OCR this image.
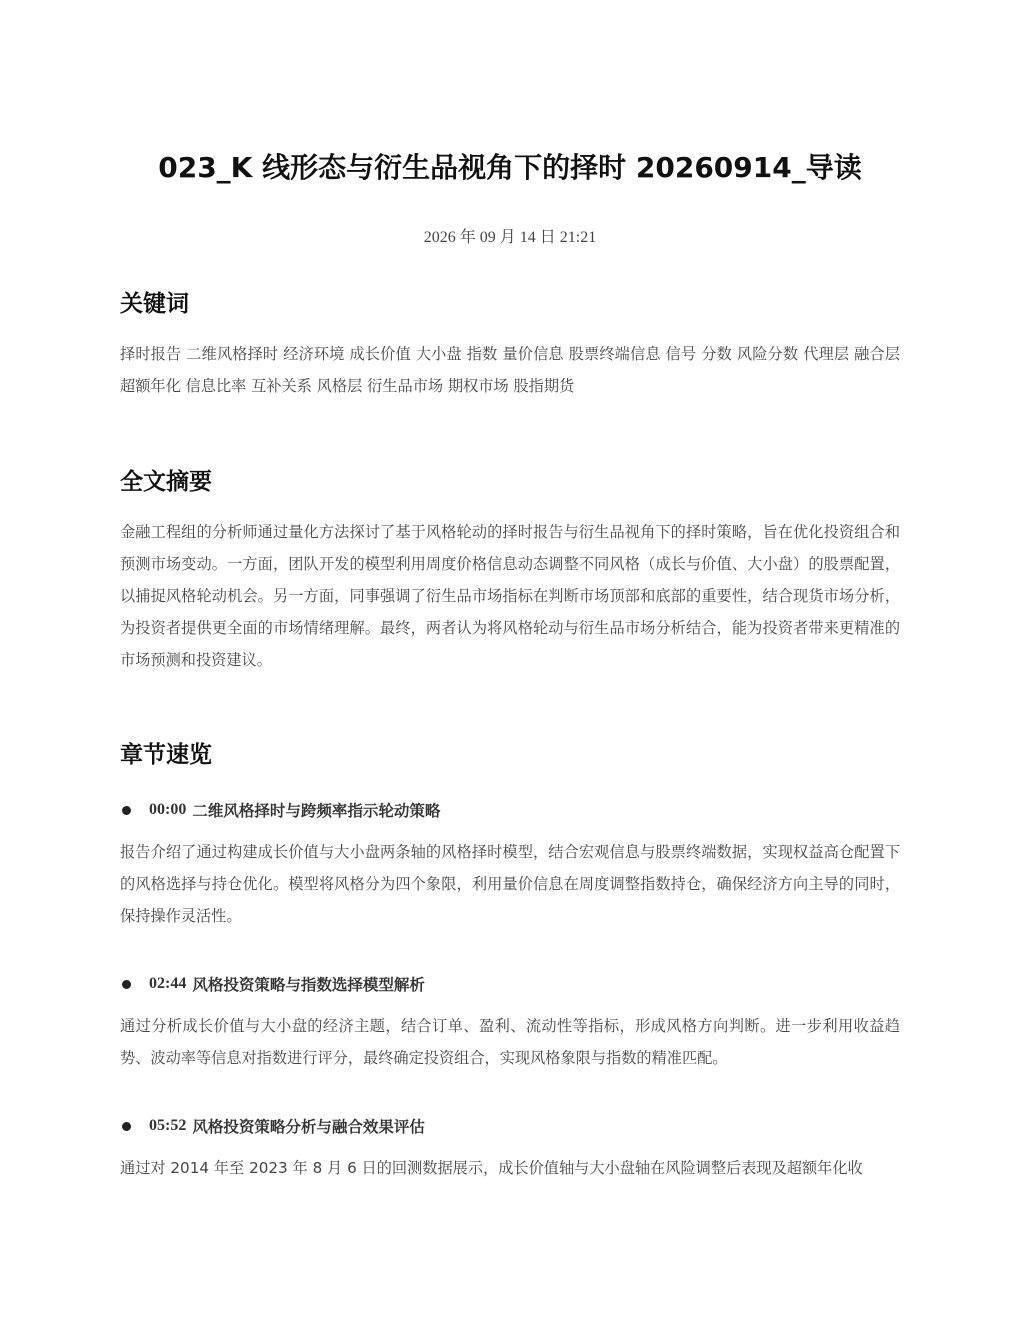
023_K 线形态与衍生品视角下的择时 20260914_导读
2026 年 09 月 14 日 21:21
关键词

择时报告 二维风格择时 经济环境 成长价值 大小盘 指数 量价信息 股票终端信息 信号 分数 风险分数 代理层 融合层 超额年化 信息比率 互补关系 风格层 衍生品市场 期权市场 股指期货

全文摘要

金融工程组的分析师通过量化方法探讨了基于风格轮动的择时报告与衍生品视角下的择时策略，旨在优化投资组合和预测市场变动。一方面，团队开发的模型利用周度价格信息动态调整不同风格（成长与价值、大小盘）的股票配置，以捕捉风格轮动机会。另一方面，同事强调了衍生品市场指标在判断市场顶部和底部的重要性，结合现货市场分析，为投资者提供更全面的市场情绪理解。最终，两者认为将风格轮动与衍生品市场分析结合，能为投资者带来更精准的市场预测和投资建议。

章节速览
00:00 二维风格择时与跨频率指示轮动策略

报告介绍了通过构建成长价值与大小盘两条轴的风格择时模型，结合宏观信息与股票终端数据，实现权益高仓配置下的风格选择与持仓优化。模型将风格分为四个象限，利用量价信息在周度调整指数持仓，确保经济方向主导的同时，保持操作灵活性。

02:44 风格投资策略与指数选择模型解析

通过分析成长价值与大小盘的经济主题，结合订单、盈利、流动性等指标，形成风格方向判断。进一步利用收益趋势、波动率等信息对指数进行评分，最终确定投资组合，实现风格象限与指数的精准匹配。

05:52 风格投资策略分析与融合效果评估

通过对 2014 年至 2023 年 8 月 6 日的回测数据展示，成长价值轴与大小盘轴在风险调整后表现及超额年化收
